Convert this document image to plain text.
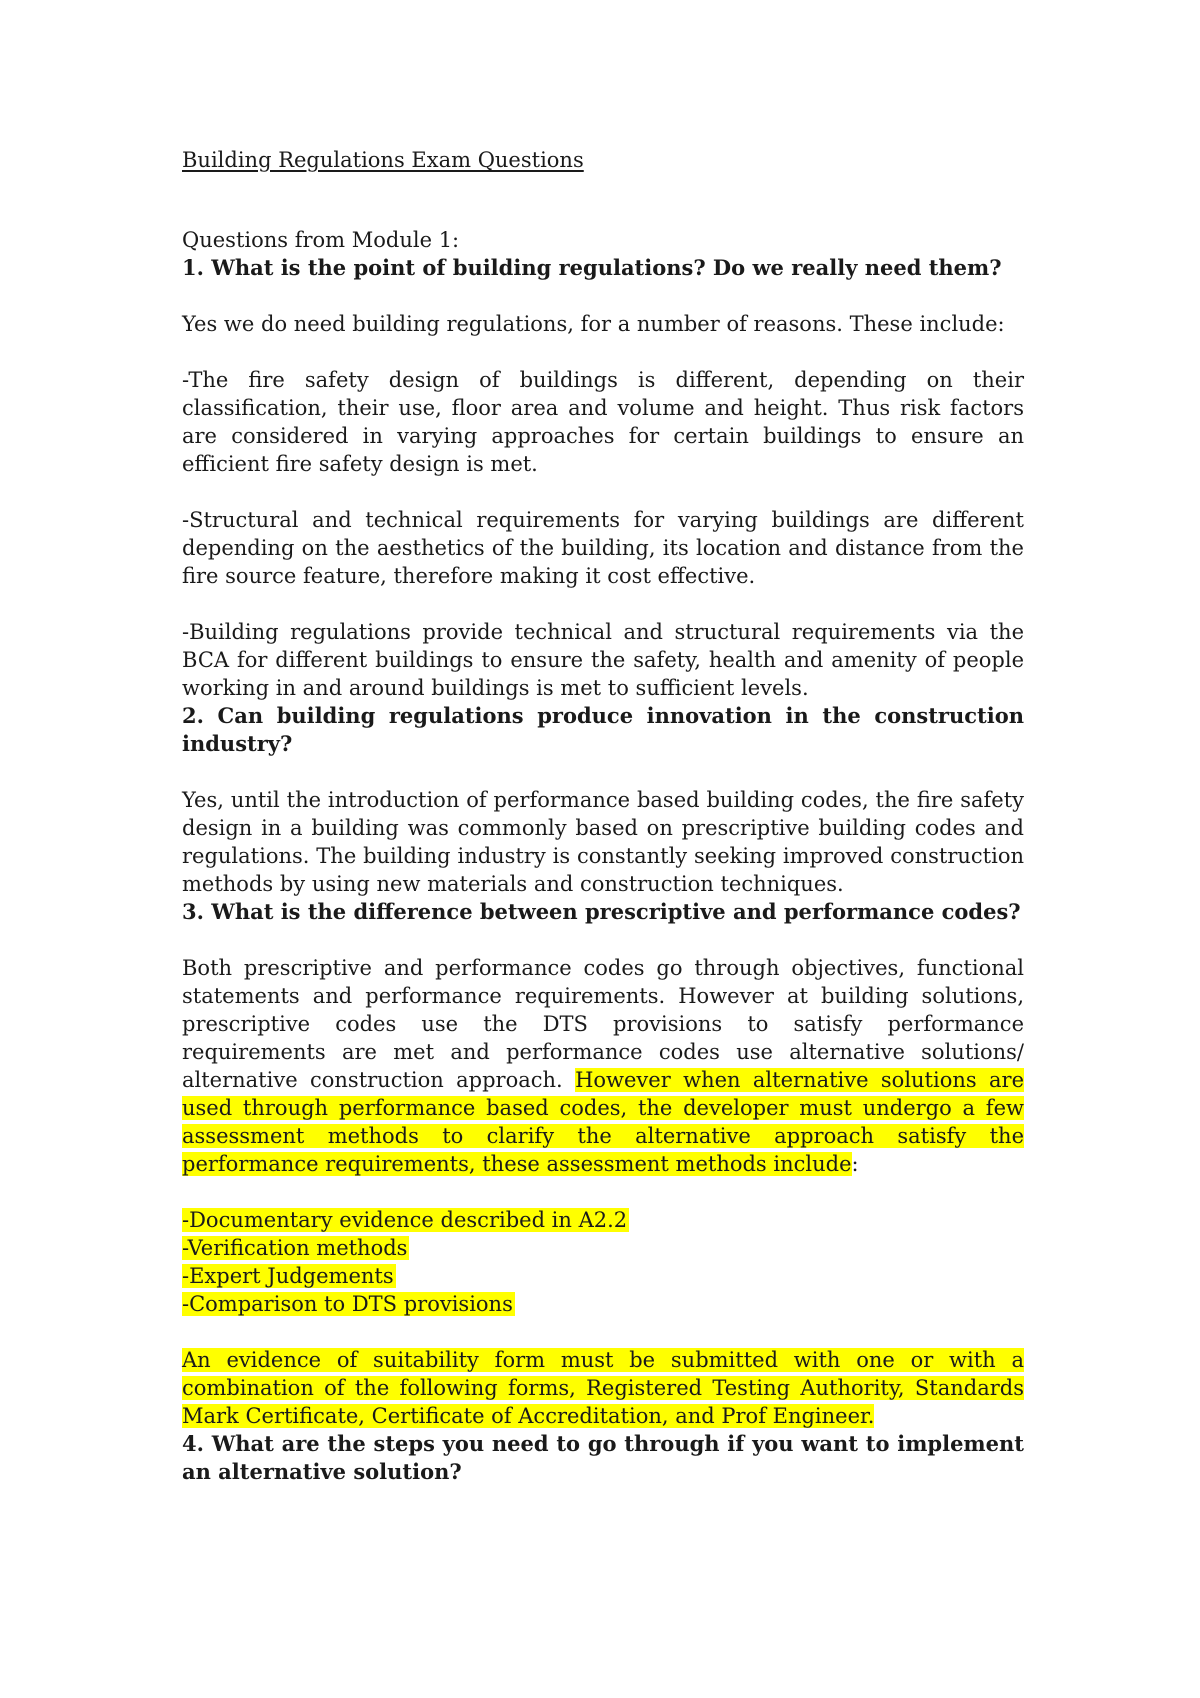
Building Regulations Exam Questions

Questions from Module 1:

1. What is the point of building regulations? Do we really need them?

Yes we do need building regulations, for a number of reasons. These include:

-The fire safety design of buildings is different, depending on their classification, their use, floor area and volume and height. Thus risk factors are considered in varying approaches for certain buildings to ensure an efficient fire safety design is met.

-Structural and technical requirements for varying buildings are different depending on the aesthetics of the building, its location and distance from the fire source feature, therefore making it cost effective.

-Building regulations provide technical and structural requirements via the BCA for different buildings to ensure the safety, health and amenity of people working in and around buildings is met to sufficient levels.

2. Can building regulations produce innovation in the construction industry?

Yes, until the introduction of performance based building codes, the fire safety design in a building was commonly based on prescriptive building codes and regulations. The building industry is constantly seeking improved construction methods by using new materials and construction techniques.

3. What is the difference between prescriptive and performance codes?

Both prescriptive and performance codes go through objectives, functional statements and performance requirements. However at building solutions, prescriptive codes use the DTS provisions to satisfy performance requirements are met and performance codes use alternative solutions/ alternative construction approach. However when alternative solutions are used through performance based codes, the developer must undergo a few assessment methods to clarify the alternative approach satisfy the performance requirements, these assessment methods include:

-Documentary evidence described in A2.2
-Verification methods
-Expert Judgements
-Comparison to DTS provisions

An evidence of suitability form must be submitted with one or with a combination of the following forms, Registered Testing Authority, Standards Mark Certificate, Certificate of Accreditation, and Prof Engineer.

4. What are the steps you need to go through if you want to implement an alternative solution?
